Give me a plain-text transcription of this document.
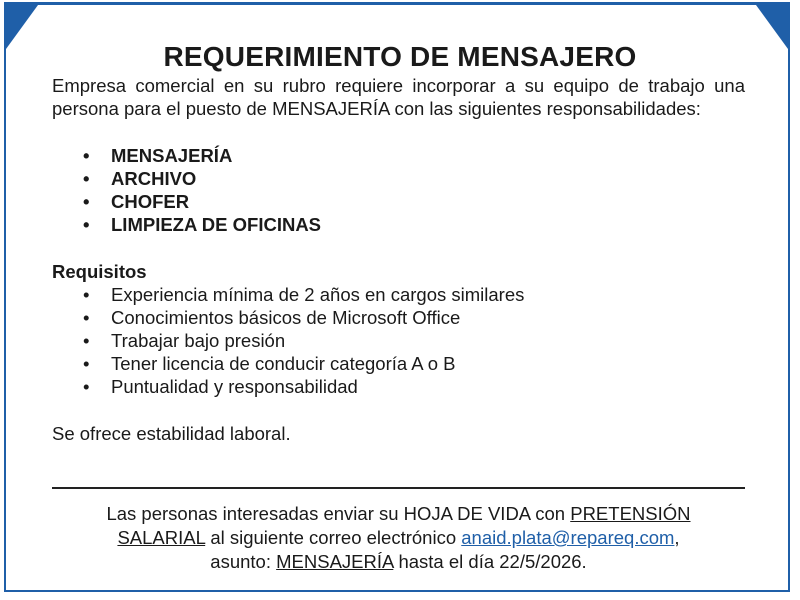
REQUERIMIENTO DE MENSAJERO

Empresa comercial en su rubro requiere incorporar a su equipo de trabajo una persona para el puesto de MENSAJERÍA con las siguientes responsabilidades:

• MENSAJERÍA
• ARCHIVO
• CHOFER
• LIMPIEZA DE OFICINAS

Requisitos

• Experiencia mínima de 2 años en cargos similares
• Conocimientos básicos de Microsoft Office
• Trabajar bajo presión
• Tener licencia de conducir categoría A o B
• Puntualidad y responsabilidad

Se ofrece estabilidad laboral.

Las personas interesadas enviar su HOJA DE VIDA con PRETENSIÓN
SALARIAL al siguiente correo electrónico anaid.plata@repareq.com,
asunto: MENSAJERÍA hasta el día 22/5/2026.
